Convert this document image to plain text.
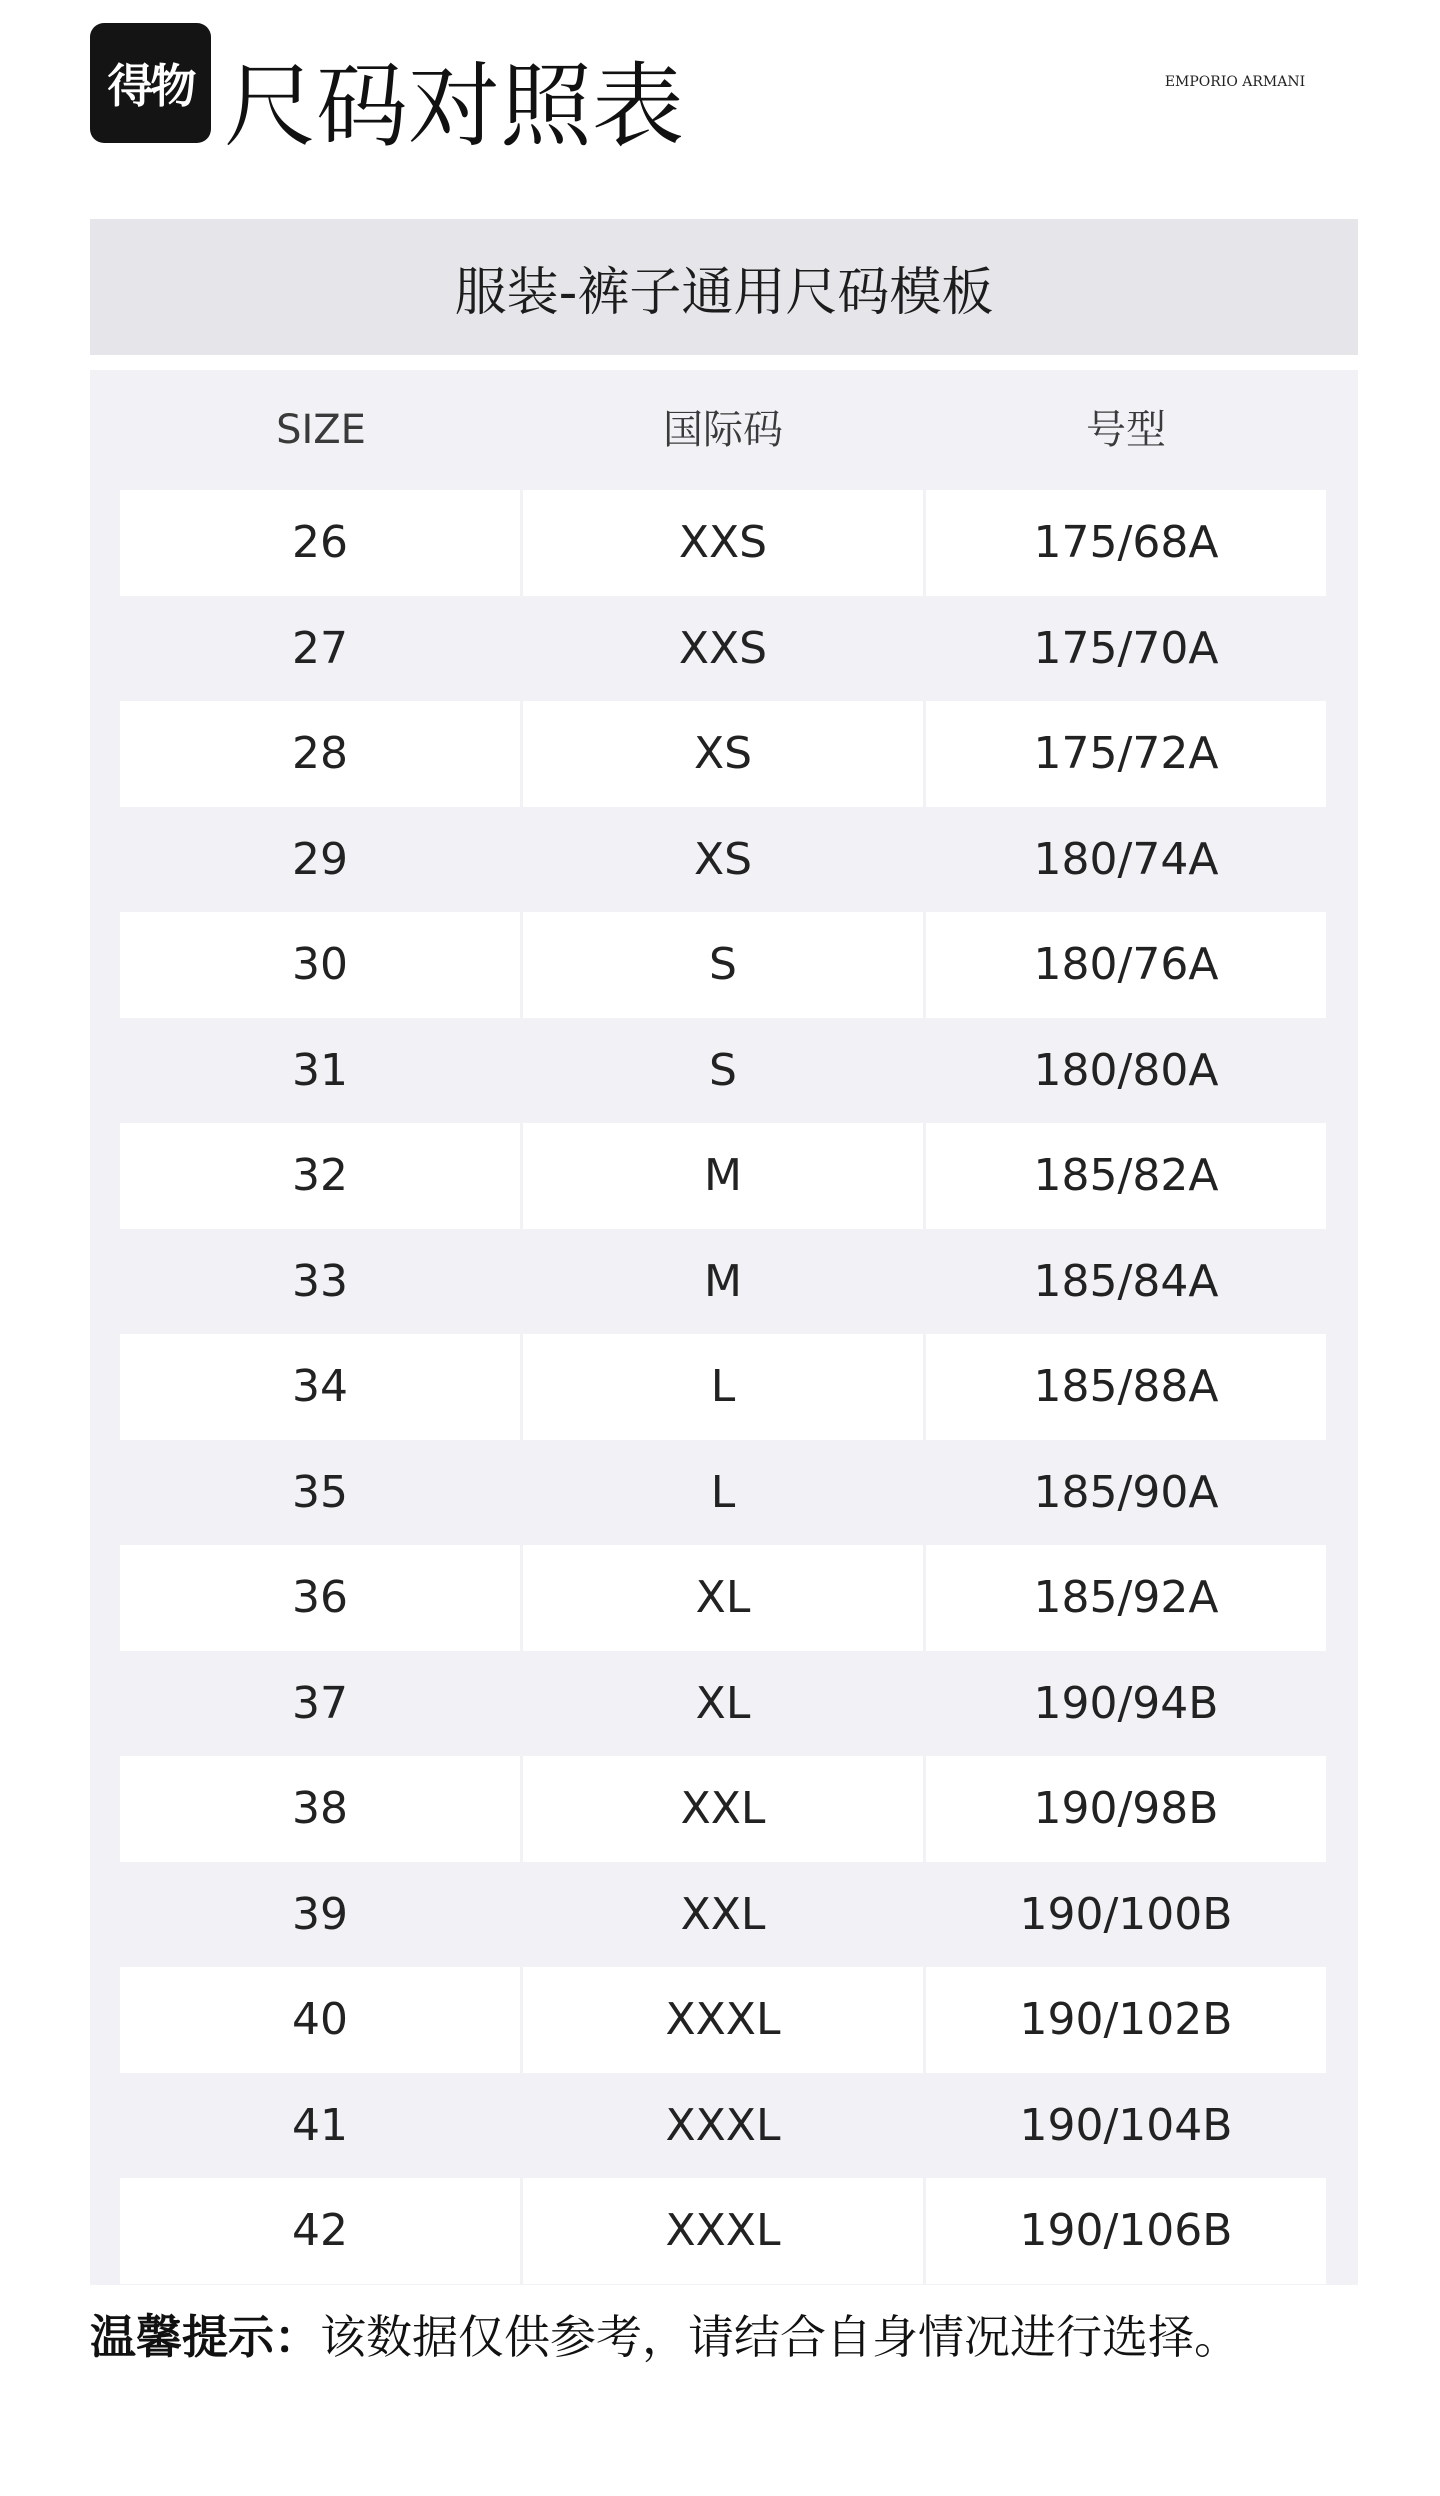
得物 尺码对照表	EMPORIO ARMANI
服装-裤子通用尺码模板
SIZE	国际码	号型
26	XXS	175/68A
27	XXS	175/70A
28	XS	175/72A
29	XS	180/74A
30	S	180/76A
31	S	180/80A
32	M	185/82A
33	M	185/84A
34	L	185/88A
35	L	185/90A
36	XL	185/92A
37	XL	190/94B
38	XXL	190/98B
39	XXL	190/100B
40	XXXL	190/102B
41	XXXL	190/104B
42	XXXL	190/106B
温馨提示：该数据仅供参考，请结合自身情况进行选择。
